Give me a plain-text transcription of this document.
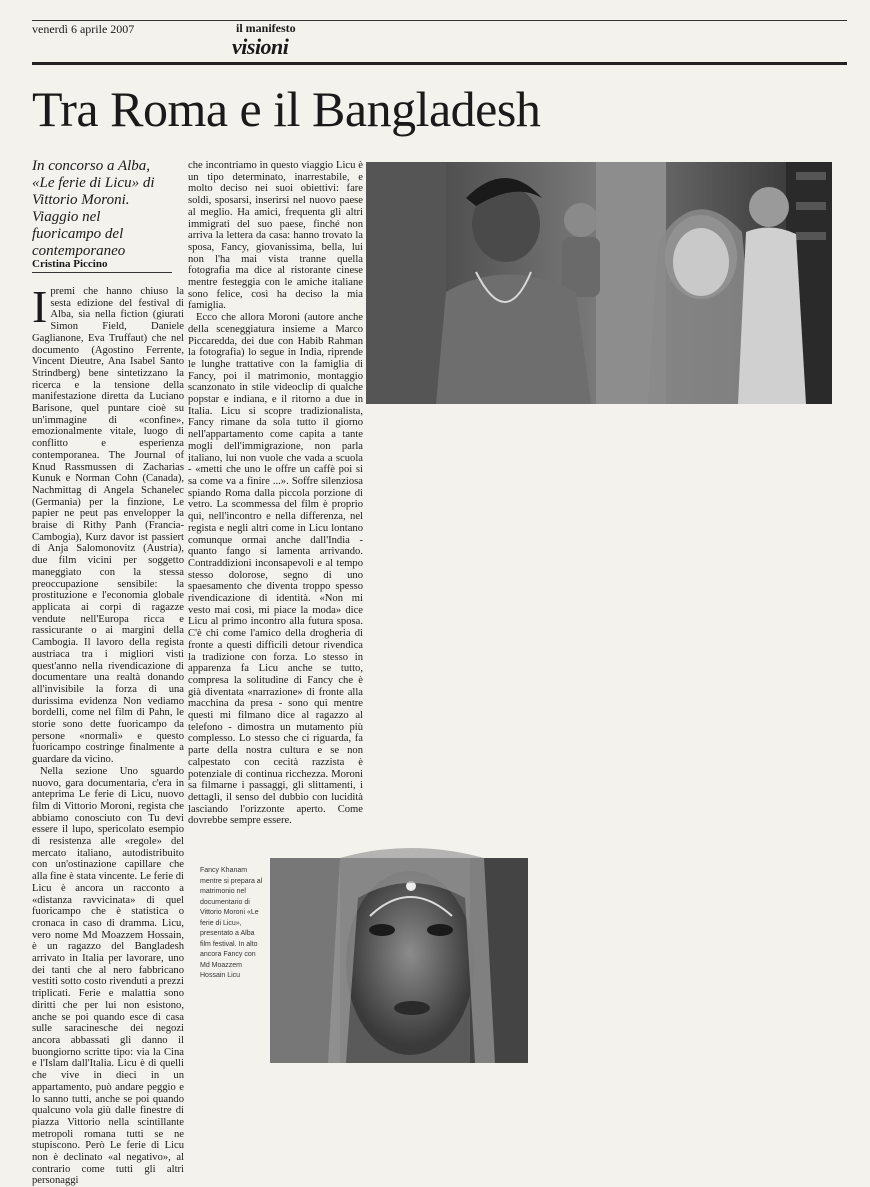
venerdì 6 aprile 2007	il manifesto
visioni
Tra Roma e il Bangladesh
In concorso a Alba, «Le ferie di Licu» di Vittorio Moroni. Viaggio nel fuoricampo del contemporaneo
Cristina Piccino
I premi che hanno chiuso la sesta edizione del festival di Alba, sia nella fiction (giurati Simon Field, Daniele Gaglianone, Eva Truffaut) che nel documento (Agostino Ferrente, Vincent Dieutre, Ana Isabel Santo Strindberg) bene sintetizzano la ricerca e la tensione della manifestazione diretta da Luciano Barisone, quel puntare cioè su un'immagine di «confine», emozionalmente vitale, luogo di conflitto e esperienza contemporanea. The Journal of Knud Rassmussen di Zacharias Kunuk e Norman Cohn (Canada), Nachmittag di Angela Schanelec (Germania) per la finzione, Le papier ne peut pas envelopper la braise di Rithy Panh (Francia-Cambogia), Kurz davor ist passiert di Anja Salomonovitz (Austria), due film vicini per soggetto maneggiato con la stessa preoccupazione sensibile: la prostituzione e l'economia globale applicata ai corpi di ragazze vendute nell'Europa ricca e rassicurante o ai margini della Cambogia. Il lavoro della regista austriaca tra i migliori visti quest'anno nella rivendicazione di documentare una realtà donando all'invisibile la forza di una durissima evidenza Non vediamo bordelli, come nel film di Pahn, le storie sono dette fuoricampo da persone «normali» e questo fuoricampo costringe finalmente a guardare da vicino.

Nella sezione Uno sguardo nuovo, gara documentaria, c'era in anteprima Le ferie di Licu, nuovo film di Vittorio Moroni, regista che abbiamo conosciuto con Tu devi essere il lupo, spericolato esempio di resistenza alle «regole» del mercato italiano, autodistribuito con un'ostinazione capillare che alla fine è stata vincente. Le ferie di Licu è ancora un racconto a «distanza ravvicinata» di quel fuoricampo che è statistica o cronaca in caso di dramma. Licu, vero nome Md Moazzem Hossain, è un ragazzo del Bangladesh arrivato in Italia per lavorare, uno dei tanti che al nero fabbricano vestiti sotto costo rivenduti a prezzi triplicati. Ferie e malattia sono diritti che per lui non esistono, anche se poi quando esce di casa sulle saracinesche dei negozi ancora abbassati gli danno il buongiorno scritte tipo: via la Cina e l'Islam dall'Italia. Licu è di quelli che vive in dieci in un appartamento, può andare peggio e lo sanno tutti, anche se poi quando qualcuno vola giù dalle finestre di piazza Vittorio nella scintillante metropoli romana tutti se ne stupiscono. Però Le ferie di Licu non è declinato «al negativo», al contrario come tutti gli altri personaggi

che incontriamo in questo viaggio Licu è un tipo determinato, inarrestabile, e molto deciso nei suoi obiettivi: fare soldi, sposarsi, inserirsi nel nuovo paese al meglio. Ha amici, frequenta gli altri immigrati del suo paese, finché non arriva la lettera da casa: hanno trovato la sposa, Fancy, giovanissima, bella, lui non l'ha mai vista tranne quella fotografia ma dice al ristorante cinese mentre festeggia con le amiche italiane sono felice, così ha deciso la mia famiglia.

Ecco che allora Moroni (autore anche della sceneggiatura insieme a Marco Piccaredda, dei due con Habib Rahman la fotografia) lo segue in India, riprende le lunghe trattative con la famiglia di Fancy, poi il matrimonio, montaggio scanzonato in stile videoclip di qualche popstar e indiana, e il ritorno a due in Italia. Licu si scopre tradizionalista, Fancy rimane da sola tutto il giorno nell'appartamento come capita a tante mogli dell'immigrazione, non parla italiano, lui non vuole che vada a scuola - «metti che uno le offre un caffè poi si sa come va a finire ...». Soffre silenziosa spiando Roma dalla piccola porzione di vetro. La scommessa del film è proprio qui, nell'incontro e nella differenza, nel regista e negli altri come in Licu lontano comunque ormai anche dall'India - quanto fango si lamenta arrivando. Contraddizioni inconsapevoli e al tempo stesso dolorose, segno di uno spaesamento che diventa troppo spesso rivendicazione di identità. «Non mi vesto mai così, mi piace la moda» dice Licu al primo incontro alla futura sposa. C'è chi come l'amico della drogheria di fronte a questi difficili detour rivendica la tradizione con forza. Lo stesso in apparenza fa Licu anche se tutto, compresa la solitudine di Fancy che è già diventata «narrazione» di fronte alla macchina da presa - sono qui mentre questi mi filmano dice al ragazzo al telefono - dimostra un mutamento più complesso. Lo stesso che ci riguarda, fa parte della nostra cultura e se non calpestato con cecità razzista è potenziale di continua ricchezza. Moroni sa filmarne i passaggi, gli slittamenti, i dettagli, il senso del dubbio con lucidità lasciando l'orizzonte aperto. Come dovrebbe sempre essere.

Fancy Khanam mentre si prepara al matrimonio nel documentario di Vittorio Moroni «Le ferie di Licu», presentato a Alba film festival. In alto ancora Fancy con Md Moazzem Hossain Licu
